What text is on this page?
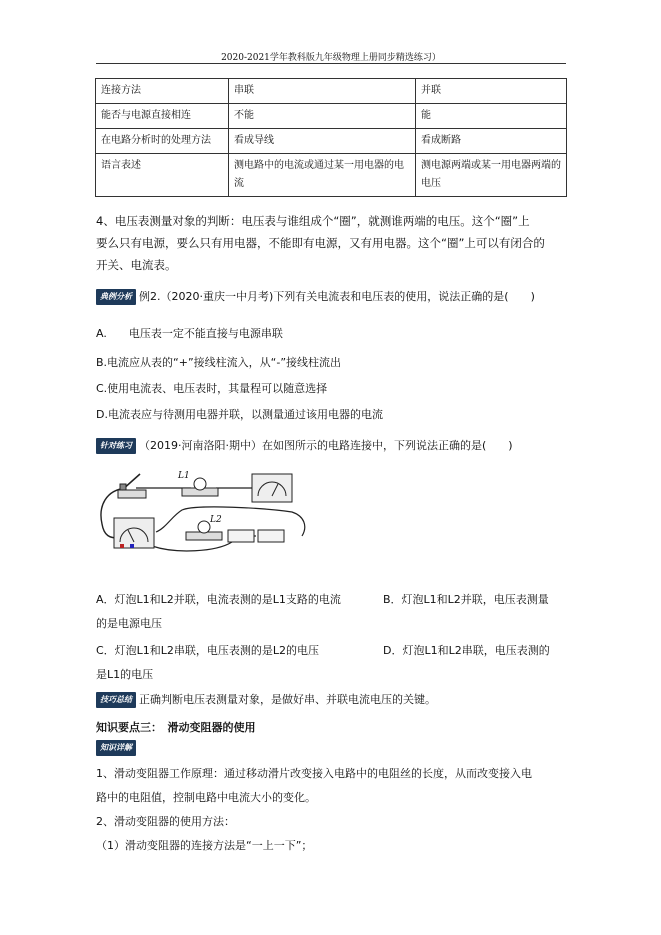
2020-2021学年教科版九年级物理上册同步精选练习）
连接方法	串联	并联
能否与电源直接相连	不能	能
在电路分析时的处理方法	看成导线	看成断路
语言表述	测电路中的电流或通过某一用电器的电流	测电源两端或某一用电器两端的电压
4、电压表测量对象的判断：电压表与谁组成个“圈”，就测谁两端的电压。这个“圈”上
要么只有电源，要么只有用电器，不能即有电源，又有用电器。这个“圈”上可以有闭合的
开关、电流表。
典例分析 例2.（2020·重庆一中月考)下列有关电流表和电压表的使用，说法正确的是(　　)
A.　　电压表一定不能直接与电源串联
B.电流应从表的“+”接线柱流入，从“-”接线柱流出
C.使用电流表、电压表时，其量程可以随意选择
D.电流表应与待测用电器并联，以测量通过该用电器的电流
针对练习 （2019·河南洛阳·期中）在如图所示的电路连接中，下列说法正确的是(　　)
L1
L2
A．灯泡L1和L2并联，电流表测的是L1支路的电流	B．灯泡L1和L2并联，电压表测量
的是电源电压
C．灯泡L1和L2串联，电压表测的是L2的电压	D．灯泡L1和L2串联，电压表测的
是L1的电压
技巧总结 正确判断电压表测量对象，是做好串、并联电流电压的关键。
知识要点三：　滑动变阻器的使用
知识详解
1、滑动变阻器工作原理：通过移动滑片改变接入电路中的电阻丝的长度，从而改变接入电
路中的电阻值，控制电路中电流大小的变化。
2、滑动变阻器的使用方法：
（1）滑动变阻器的连接方法是“一上一下”；
